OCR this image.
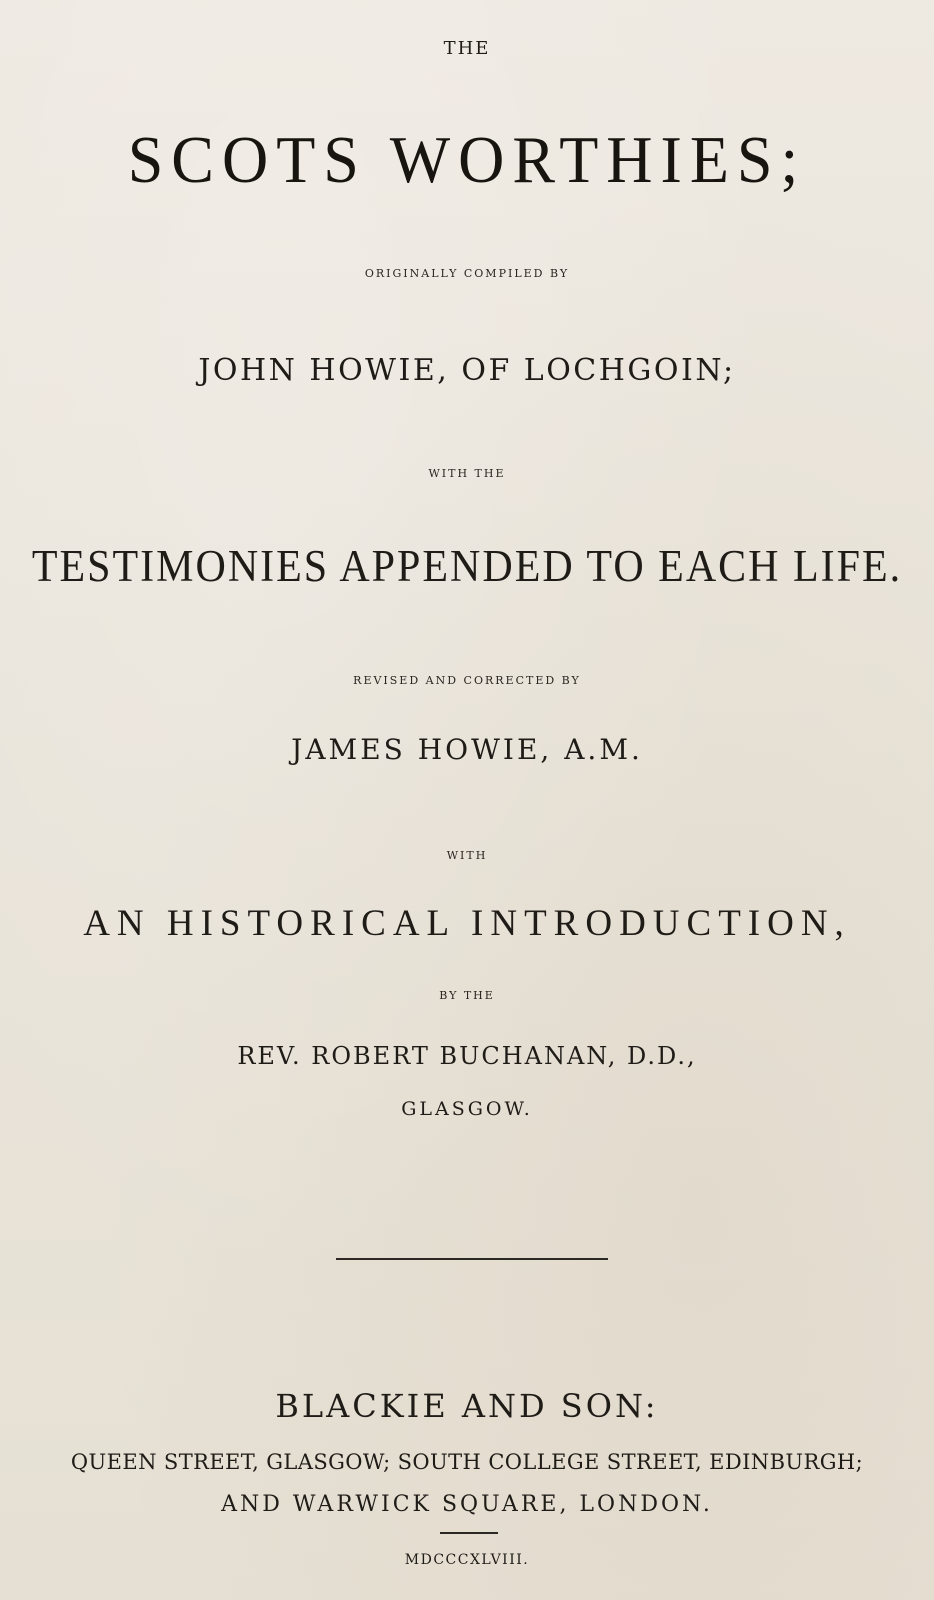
THE
SCOTS WORTHIES;
ORIGINALLY COMPILED BY
JOHN HOWIE, OF LOCHGOIN;
WITH THE
TESTIMONIES APPENDED TO EACH LIFE.
REVISED AND CORRECTED BY
JAMES HOWIE, A.M.
WITH
AN HISTORICAL INTRODUCTION,
BY THE
REV. ROBERT BUCHANAN, D.D.,
GLASGOW.
BLACKIE AND SON:
QUEEN STREET, GLASGOW; SOUTH COLLEGE STREET, EDINBURGH;
AND WARWICK SQUARE, LONDON.
MDCCCXLVIII.
